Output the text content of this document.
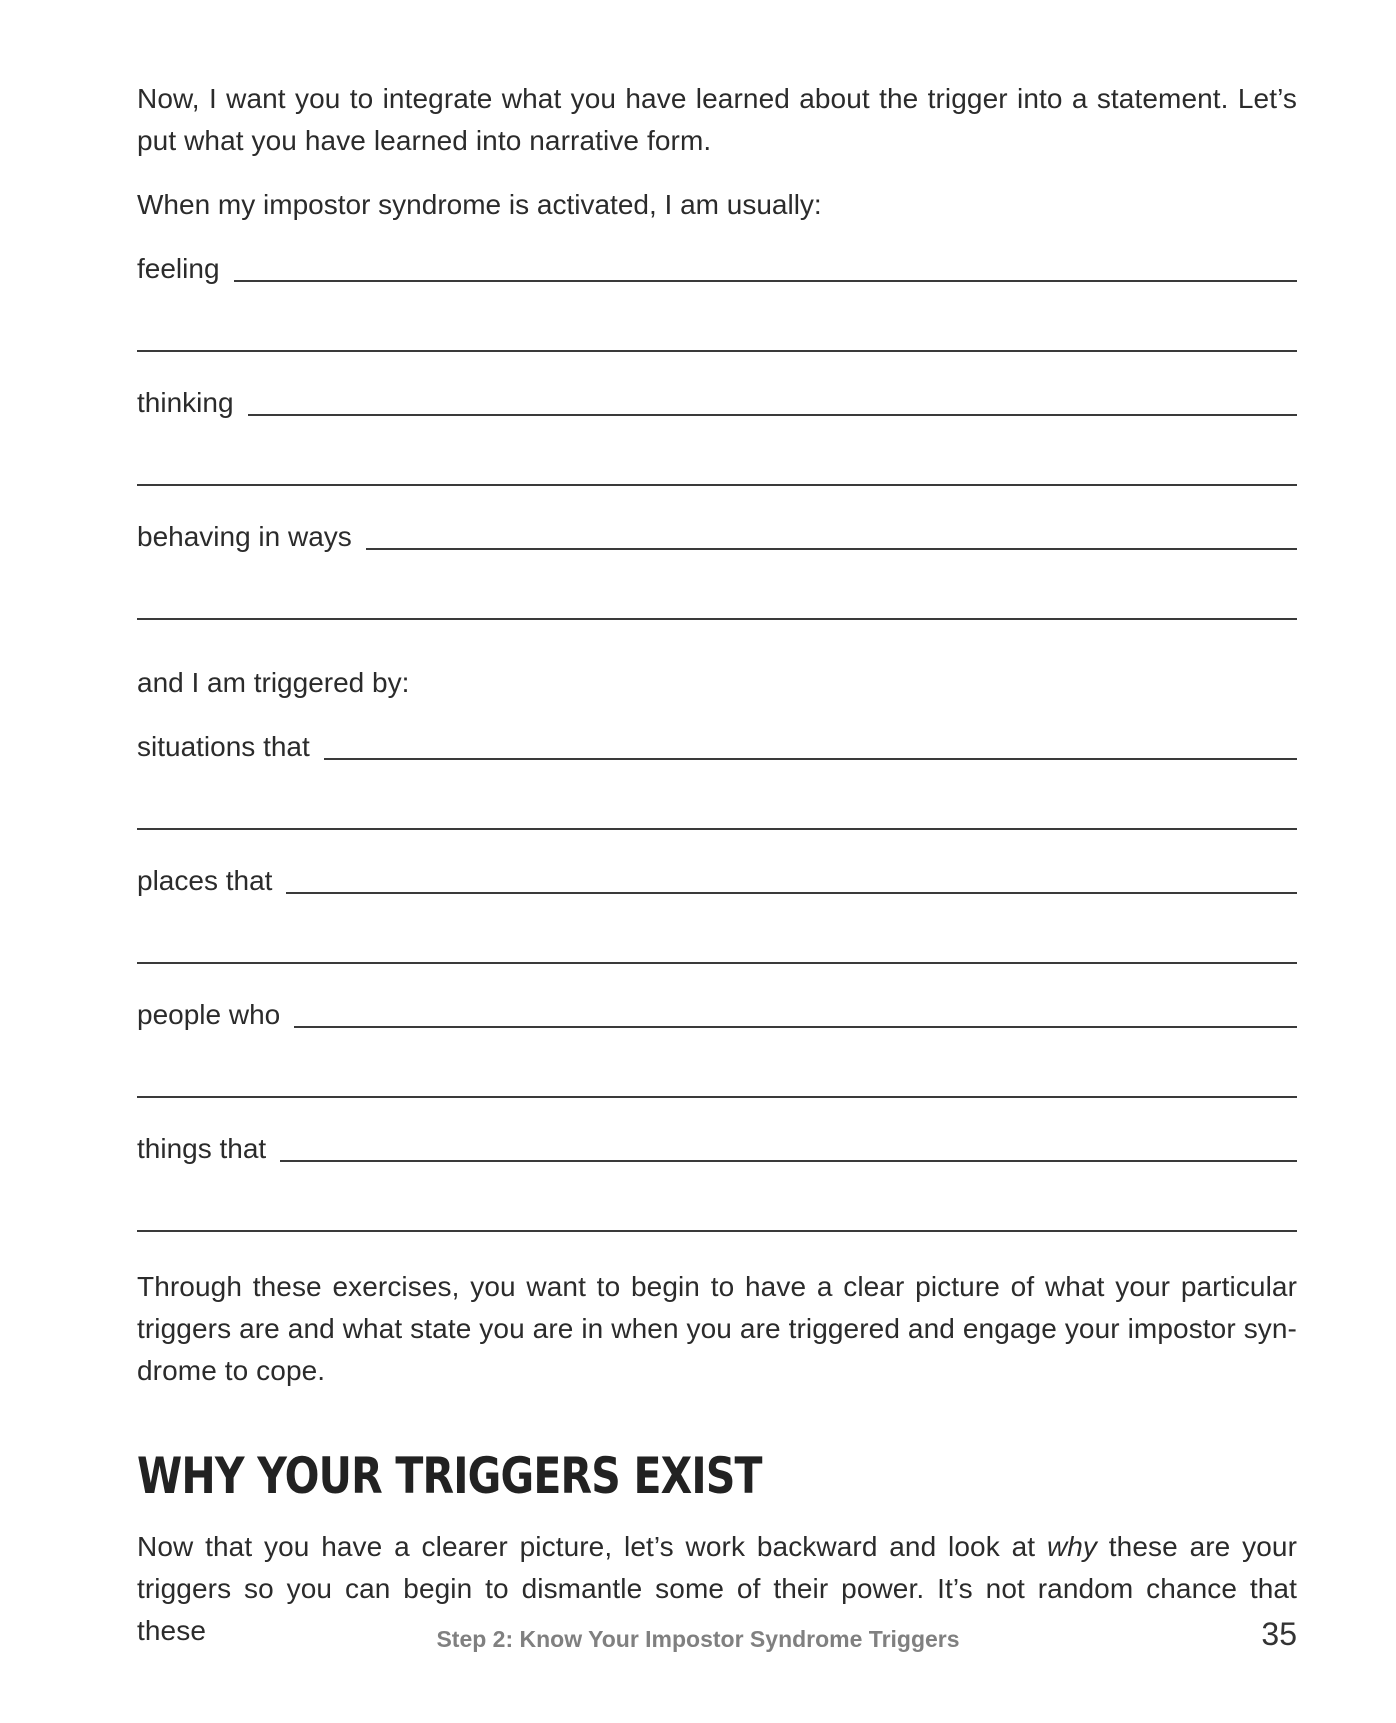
Now, I want you to integrate what you have learned about the trigger into a statement. Let’s put what you have learned into narrative form.

When my impostor syndrome is activated, I am usually:

feeling
thinking
behaving in ways

and I am triggered by:

situations that
places that
people who
things that

Through these exercises, you want to begin to have a clear picture of what your particular triggers are and what state you are in when you are triggered and engage your impostor syn-drome to cope.

WHY YOUR TRIGGERS EXIST

Now that you have a clearer picture, let’s work backward and look at why these are your triggers so you can begin to dismantle some of their power. It’s not random chance that these	Step 2: Know Your Impostor Syndrome Triggers	35
